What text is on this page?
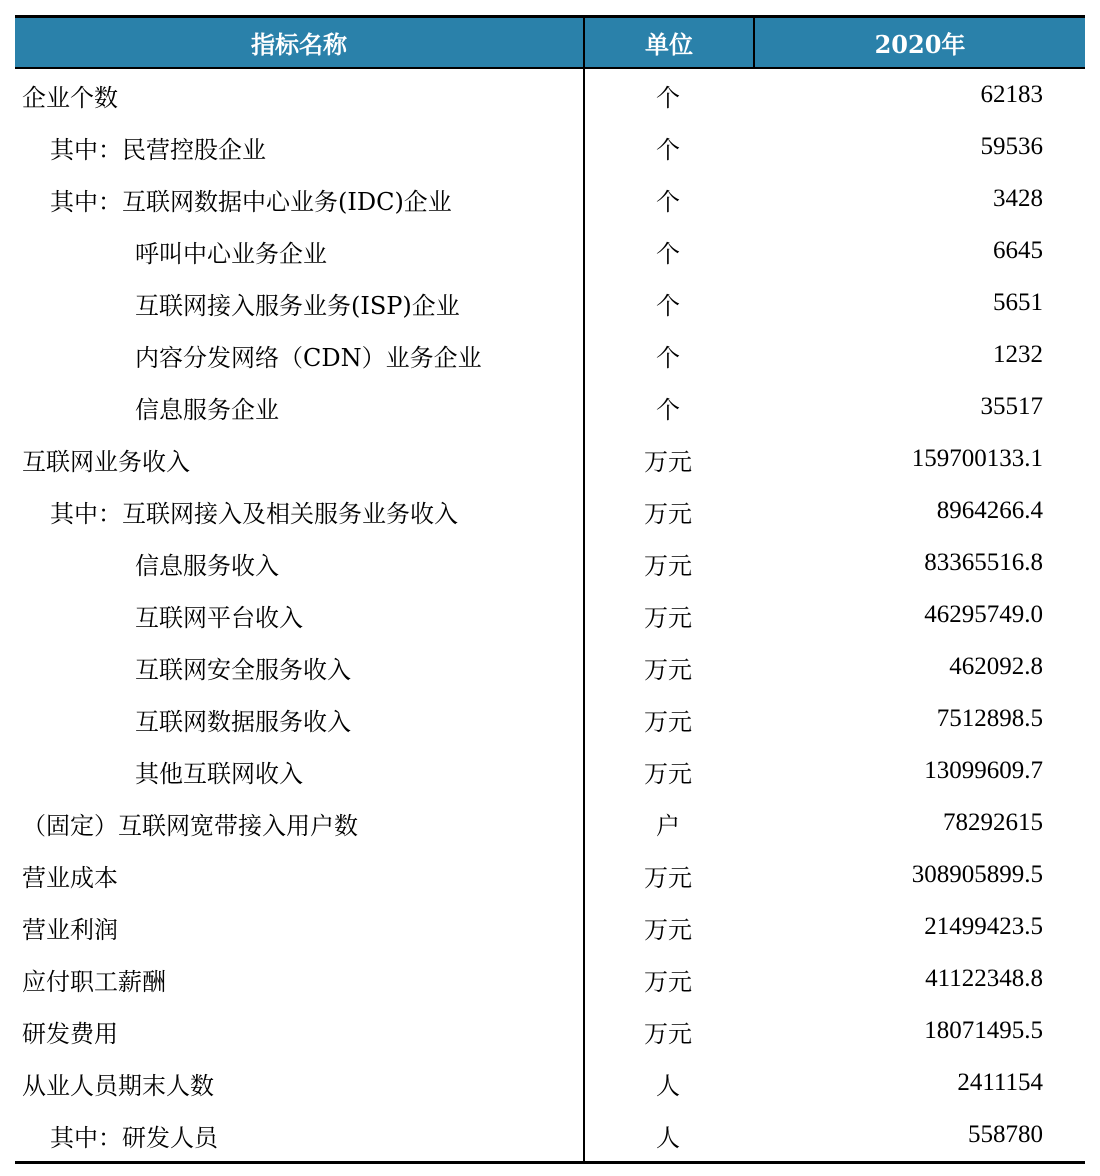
指标名称	单位	2020年
企业个数	个	62183
其中：民营控股企业	个	59536
其中：互联网数据中心业务(IDC)企业	个	3428
呼叫中心业务企业	个	6645
互联网接入服务业务(ISP)企业	个	5651
内容分发网络（CDN）业务企业	个	1232
信息服务企业	个	35517
互联网业务收入	万元	159700133.1
其中：互联网接入及相关服务业务收入	万元	8964266.4
信息服务收入	万元	83365516.8
互联网平台收入	万元	46295749.0
互联网安全服务收入	万元	462092.8
互联网数据服务收入	万元	7512898.5
其他互联网收入	万元	13099609.7
（固定）互联网宽带接入用户数	户	78292615
营业成本	万元	308905899.5
营业利润	万元	21499423.5
应付职工薪酬	万元	41122348.8
研发费用	万元	18071495.5
从业人员期末人数	人	2411154
其中：研发人员	人	558780
